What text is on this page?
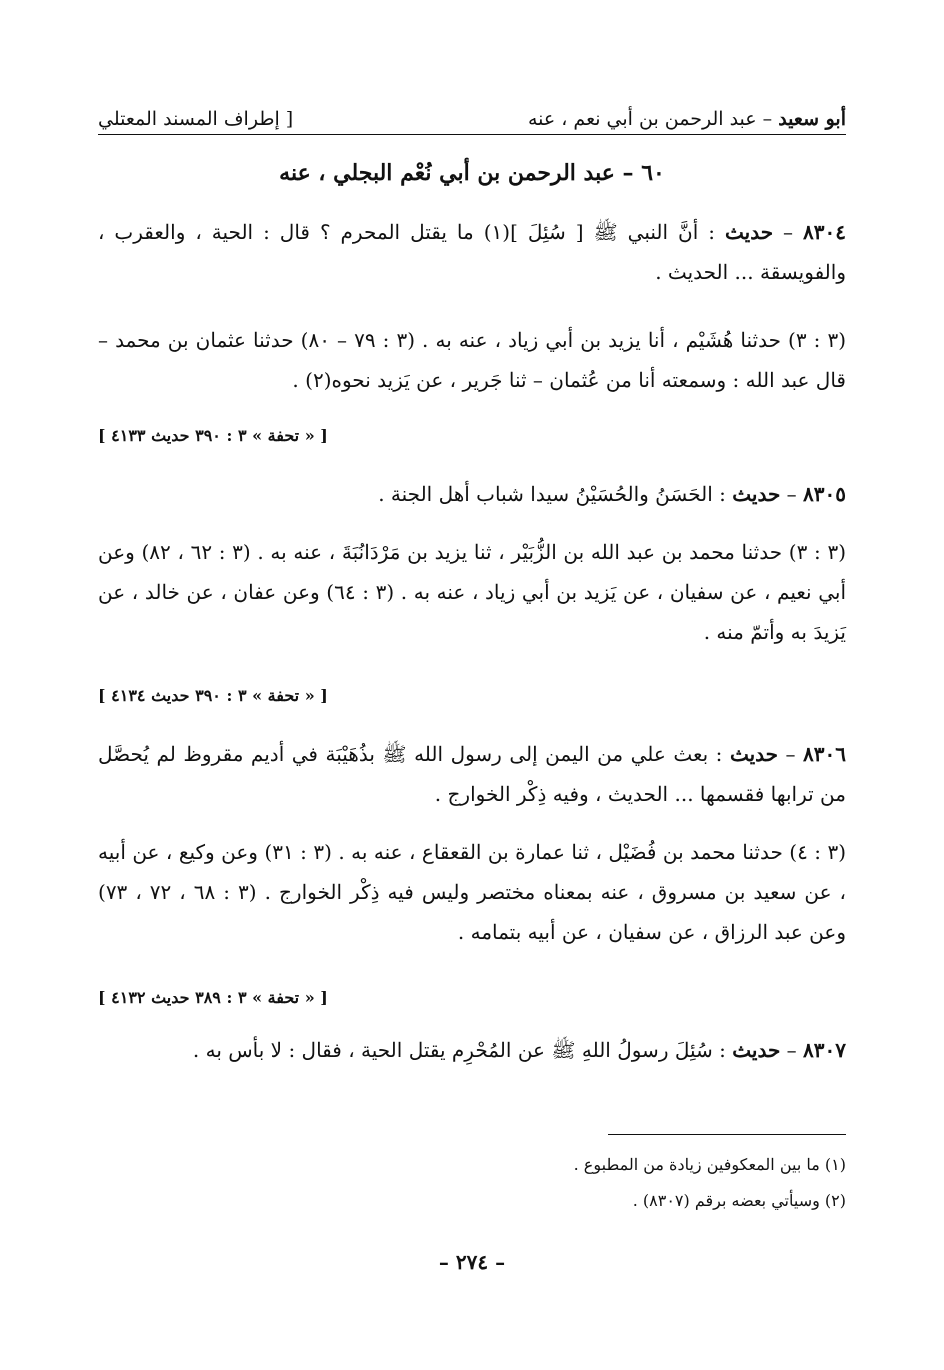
أبو سعيد – عبد الرحمن بن أبي نعم ، عنه
[ إطراف المسند المعتلي
٦٠ – عبد الرحمن بن أبي نُعْم البجلي ، عنه
٨٣٠٤ – حديث : أنَّ النبي ﷺ [ سُئِلَ ](١) ما يقتل المحرم ؟ قال : الحية ، والعقرب ، والفويسقة ... الحديث .
(٣ : ٣) حدثنا هُشَيْم ، أنا يزيد بن أبي زياد ، عنه به . (٣ : ٧٩ – ٨٠) حدثنا عثمان بن محمد – قال عبد الله : وسمعته أنا من عُثمان – ثنا جَرير ، عن يَزيد نحوه(٢) .
[ « تحفة » ٣ : ٣٩٠ حديث ٤١٣٣ ]
٨٣٠٥ – حديث : الحَسَنُ والحُسَيْنُ سيدا شباب أهل الجنة .
(٣ : ٣) حدثنا محمد بن عبد الله بن الزُّبَيْر ، ثنا يزيد بن مَرْدَانُبَةَ ، عنه به . (٣ : ٦٢ ، ٨٢) وعن أبي نعيم ، عن سفيان ، عن يَزيد بن أبي زياد ، عنه به . (٣ : ٦٤) وعن عفان ، عن خالد ، عن يَزيدَ به وأتمّ منه .
[ « تحفة » ٣ : ٣٩٠ حديث ٤١٣٤ ]
٨٣٠٦ – حديث : بعث علي من اليمن إلى رسول الله ﷺ بذُهَيْبَة في أديم مقروظ لم يُحصَّل من ترابها فقسمها ... الحديث ، وفيه ذِكْر الخوارج .
(٣ : ٤) حدثنا محمد بن فُضَيْل ، ثنا عمارة بن القعقاع ، عنه به . (٣ : ٣١) وعن وكيع ، عن أبيه ، عن سعيد بن مسروق ، عنه بمعناه مختصر وليس فيه ذِكْر الخوارج . (٣ : ٦٨ ، ٧٢ ، ٧٣) وعن عبد الرزاق ، عن سفيان ، عن أبيه بتمامه .
[ « تحفة » ٣ : ٣٨٩ حديث ٤١٣٢ ]
٨٣٠٧ – حديث : سُئِلَ رسولُ اللهِ ﷺ عن المُحْرِم يقتل الحية ، فقال : لا بأس به .
(١) ما بين المعكوفين زيادة من المطبوع .
(٢) وسيأتي بعضه برقم (٨٣٠٧) .
– ٢٧٤ –
